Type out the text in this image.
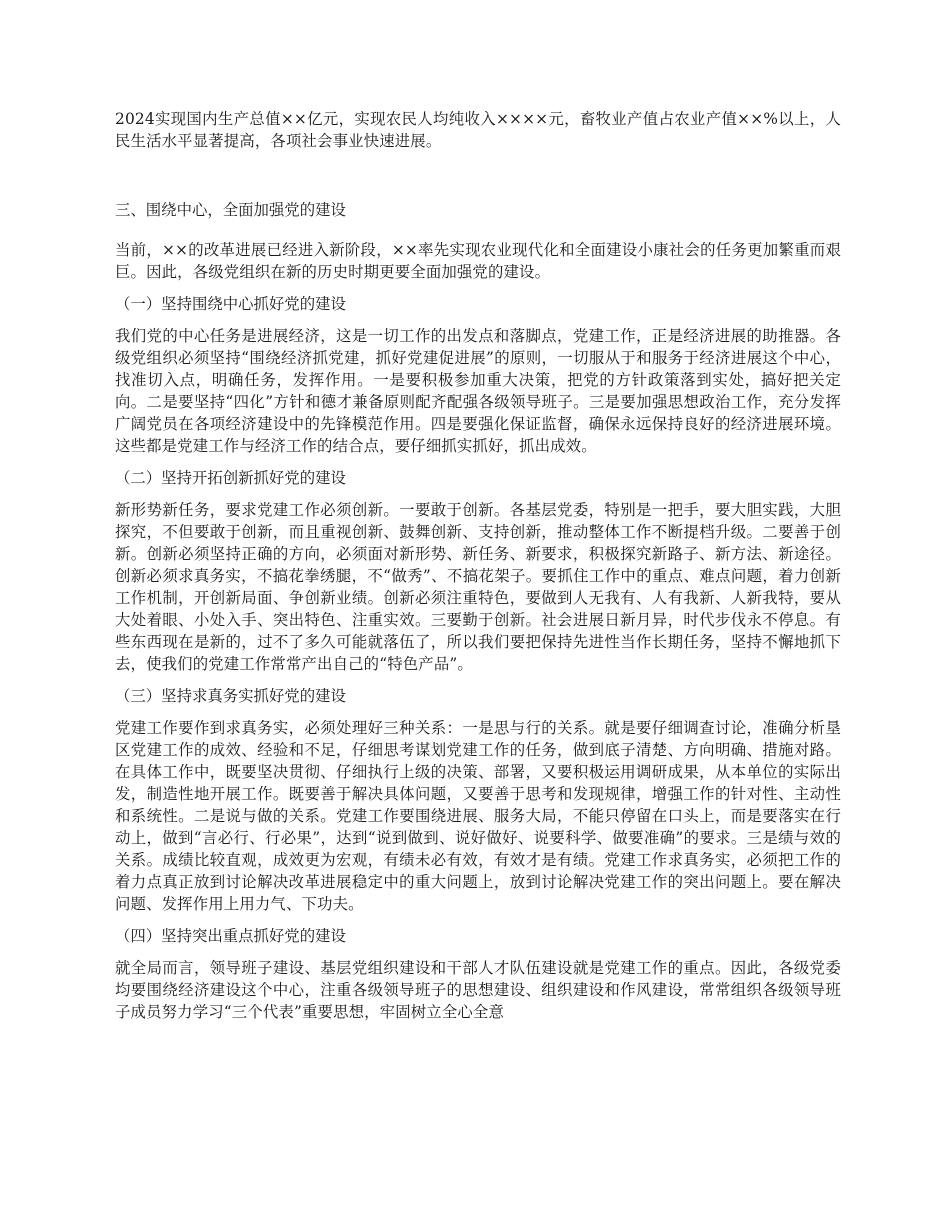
2024实现国内生产总值××亿元，实现农民人均纯收入××××元，畜牧业产值占农业产值××%以上，人民生活水平显著提高，各项社会事业快速进展。

三、围绕中心，全面加强党的建设

当前，××的改革进展已经进入新阶段，××率先实现农业现代化和全面建设小康社会的任务更加繁重而艰巨。因此，各级党组织在新的历史时期更要全面加强党的建设。

（一）坚持围绕中心抓好党的建设

我们党的中心任务是进展经济，这是一切工作的出发点和落脚点，党建工作，正是经济进展的助推器。各级党组织必须坚持“围绕经济抓党建，抓好党建促进展”的原则，一切服从于和服务于经济进展这个中心，找准切入点，明确任务，发挥作用。一是要积极参加重大决策，把党的方针政策落到实处，搞好把关定向。二是要坚持“四化”方针和德才兼备原则配齐配强各级领导班子。三是要加强思想政治工作，充分发挥广阔党员在各项经济建设中的先锋模范作用。四是要强化保证监督，确保永远保持良好的经济进展环境。这些都是党建工作与经济工作的结合点，要仔细抓实抓好，抓出成效。

（二）坚持开拓创新抓好党的建设

新形势新任务，要求党建工作必须创新。一要敢于创新。各基层党委，特别是一把手，要大胆实践，大胆探究，不但要敢于创新，而且重视创新、鼓舞创新、支持创新，推动整体工作不断提档升级。二要善于创新。创新必须坚持正确的方向，必须面对新形势、新任务、新要求，积极探究新路子、新方法、新途径。创新必须求真务实，不搞花拳绣腿，不“做秀”、不搞花架子。要抓住工作中的重点、难点问题，着力创新工作机制，开创新局面、争创新业绩。创新必须注重特色，要做到人无我有、人有我新、人新我特，要从大处着眼、小处入手、突出特色、注重实效。三要勤于创新。社会进展日新月异，时代步伐永不停息。有些东西现在是新的，过不了多久可能就落伍了，所以我们要把保持先进性当作长期任务，坚持不懈地抓下去，使我们的党建工作常常产出自己的“特色产品”。

（三）坚持求真务实抓好党的建设

党建工作要作到求真务实，必须处理好三种关系：一是思与行的关系。就是要仔细调查讨论，准确分析垦区党建工作的成效、经验和不足，仔细思考谋划党建工作的任务，做到底子清楚、方向明确、措施对路。在具体工作中，既要坚决贯彻、仔细执行上级的决策、部署，又要积极运用调研成果，从本单位的实际出发，制造性地开展工作。既要善于解决具体问题，又要善于思考和发现规律，增强工作的针对性、主动性和系统性。二是说与做的关系。党建工作要围绕进展、服务大局，不能只停留在口头上，而是要落实在行动上，做到“言必行、行必果”，达到“说到做到、说好做好、说要科学、做要准确”的要求。三是绩与效的关系。成绩比较直观，成效更为宏观，有绩未必有效，有效才是有绩。党建工作求真务实，必须把工作的着力点真正放到讨论解决改革进展稳定中的重大问题上，放到讨论解决党建工作的突出问题上。要在解决问题、发挥作用上用力气、下功夫。

（四）坚持突出重点抓好党的建设

就全局而言，领导班子建设、基层党组织建设和干部人才队伍建设就是党建工作的重点。因此，各级党委均要围绕经济建设这个中心，注重各级领导班子的思想建设、组织建设和作风建设，常常组织各级领导班子成员努力学习“三个代表”重要思想，牢固树立全心全意
